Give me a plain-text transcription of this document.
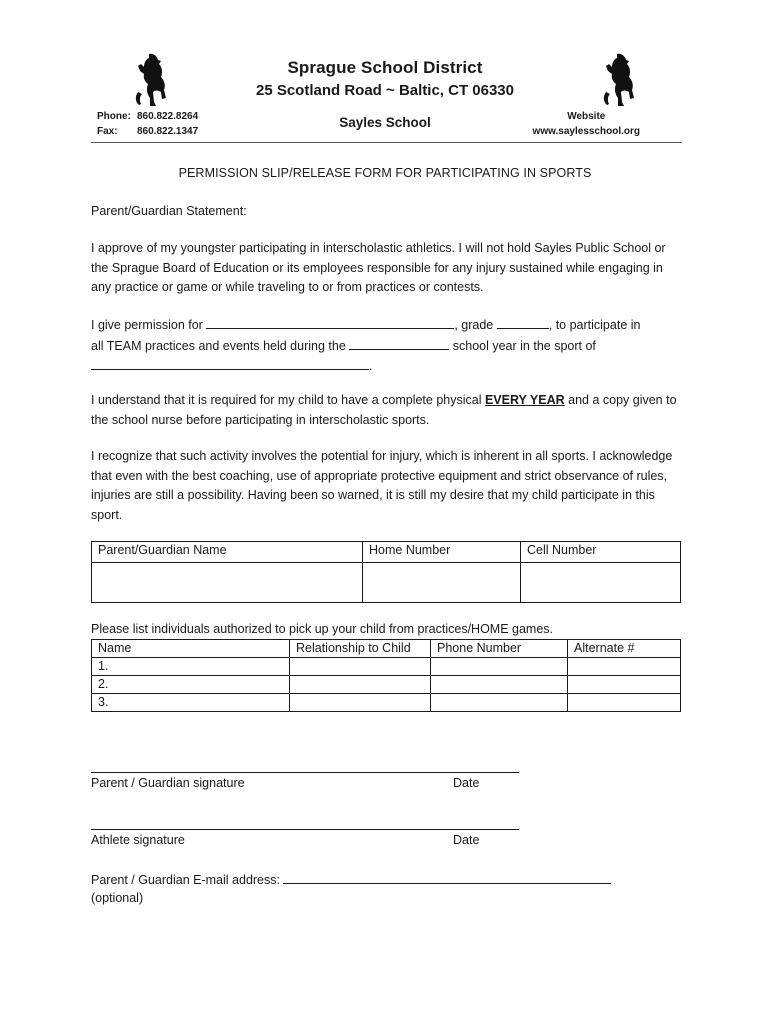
Sprague School District
25 Scotland Road ~ Baltic, CT 06330
Sayles School
Phone: 860.822.8264
Fax:	860.822.1347
Website
www.saylesschool.org
PERMISSION SLIP/RELEASE FORM FOR PARTICIPATING IN SPORTS

Parent/Guardian Statement:

I approve of my youngster participating in interscholastic athletics. I will not hold Sayles Public School or the Sprague Board of Education or its employees responsible for any injury sustained while engaging in any practice or game or while traveling to or from practices or contests.

I give permission for	, grade	, to participate in
all TEAM practices and events held during the	school year in the sport of
.

I understand that it is required for my child to have a complete physical EVERY YEAR and a copy given to the school nurse before participating in interscholastic sports.

I recognize that such activity involves the potential for injury, which is inherent in all sports. I acknowledge that even with the best coaching, use of appropriate protective equipment and strict observance of rules, injuries are still a possibility. Having been so warned, it is still my desire that my child participate in this sport.

Parent/Guardian Name	Home Number	Cell Number

Please list individuals authorized to pick up your child from practices/HOME games.

Name	Relationship to Child	Phone Number	Alternate #
1.			
2.			
3.			
Parent / Guardian signature	Date
Athlete signature	Date

Parent / Guardian E-mail address:
(optional)
